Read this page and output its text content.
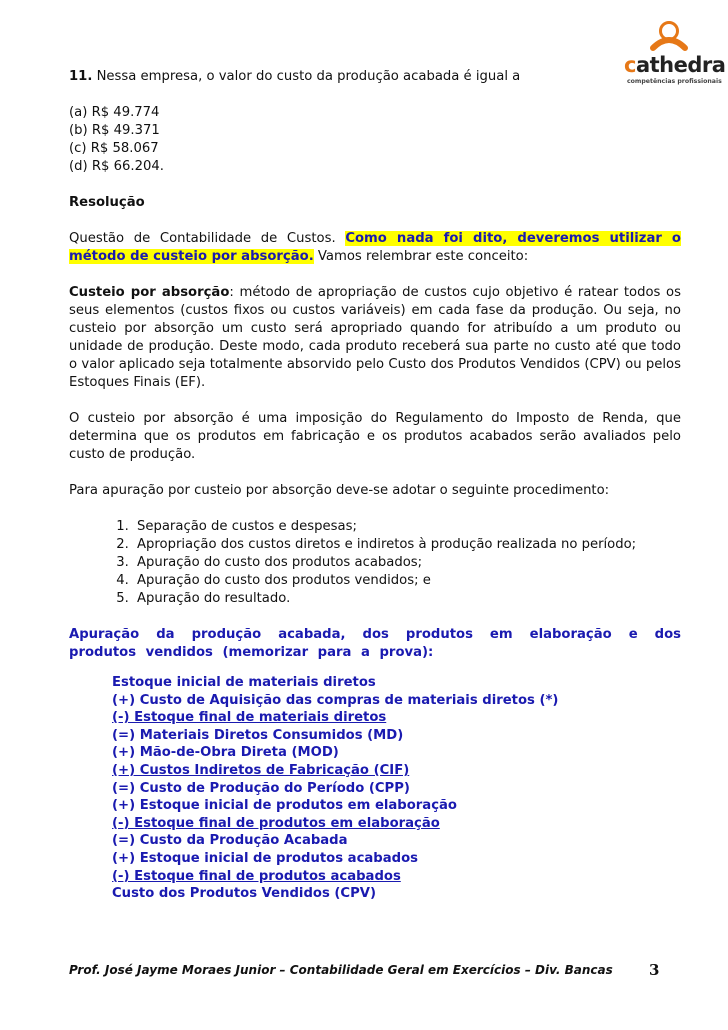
cathedra
competências profissionais

11. Nessa empresa, o valor do custo da produção acabada é igual a

(a) R$ 49.774
(b) R$ 49.371
(c) R$ 58.067
(d) R$ 66.204.

Resolução

Questão de Contabilidade de Custos. Como nada foi dito, deveremos utilizar o método de custeio por absorção. Vamos relembrar este conceito:

Custeio por absorção: método de apropriação de custos cujo objetivo é ratear todos os seus elementos (custos fixos ou custos variáveis) em cada fase da produção. Ou seja, no custeio por absorção um custo será apropriado quando for atribuído a um produto ou unidade de produção. Deste modo, cada produto receberá sua parte no custo até que todo o valor aplicado seja totalmente absorvido pelo Custo dos Produtos Vendidos (CPV) ou pelos Estoques Finais (EF).

O custeio por absorção é uma imposição do Regulamento do Imposto de Renda, que determina que os produtos em fabricação e os produtos acabados serão avaliados pelo custo de produção.

Para apuração por custeio por absorção deve-se adotar o seguinte procedimento:

1. Separação de custos e despesas;
2. Apropriação dos custos diretos e indiretos à produção realizada no período;
3. Apuração do custo dos produtos acabados;
4. Apuração do custo dos produtos vendidos; e
5. Apuração do resultado.

Apuração da produção acabada, dos produtos em elaboração e dos produtos vendidos (memorizar para a prova):

Estoque inicial de materiais diretos
(+) Custo de Aquisição das compras de materiais diretos (*)
(-) Estoque final de materiais diretos
(=) Materiais Diretos Consumidos (MD)
(+) Mão-de-Obra Direta (MOD)
(+) Custos Indiretos de Fabricação (CIF)
(=) Custo de Produção do Período (CPP)
(+) Estoque inicial de produtos em elaboração
(-) Estoque final de produtos em elaboração
(=) Custo da Produção Acabada
(+) Estoque inicial de produtos acabados
(-) Estoque final de produtos acabados
Custo dos Produtos Vendidos (CPV)
Prof. José Jayme Moraes Junior – Contabilidade Geral em Exercícios – Div. Bancas	3
